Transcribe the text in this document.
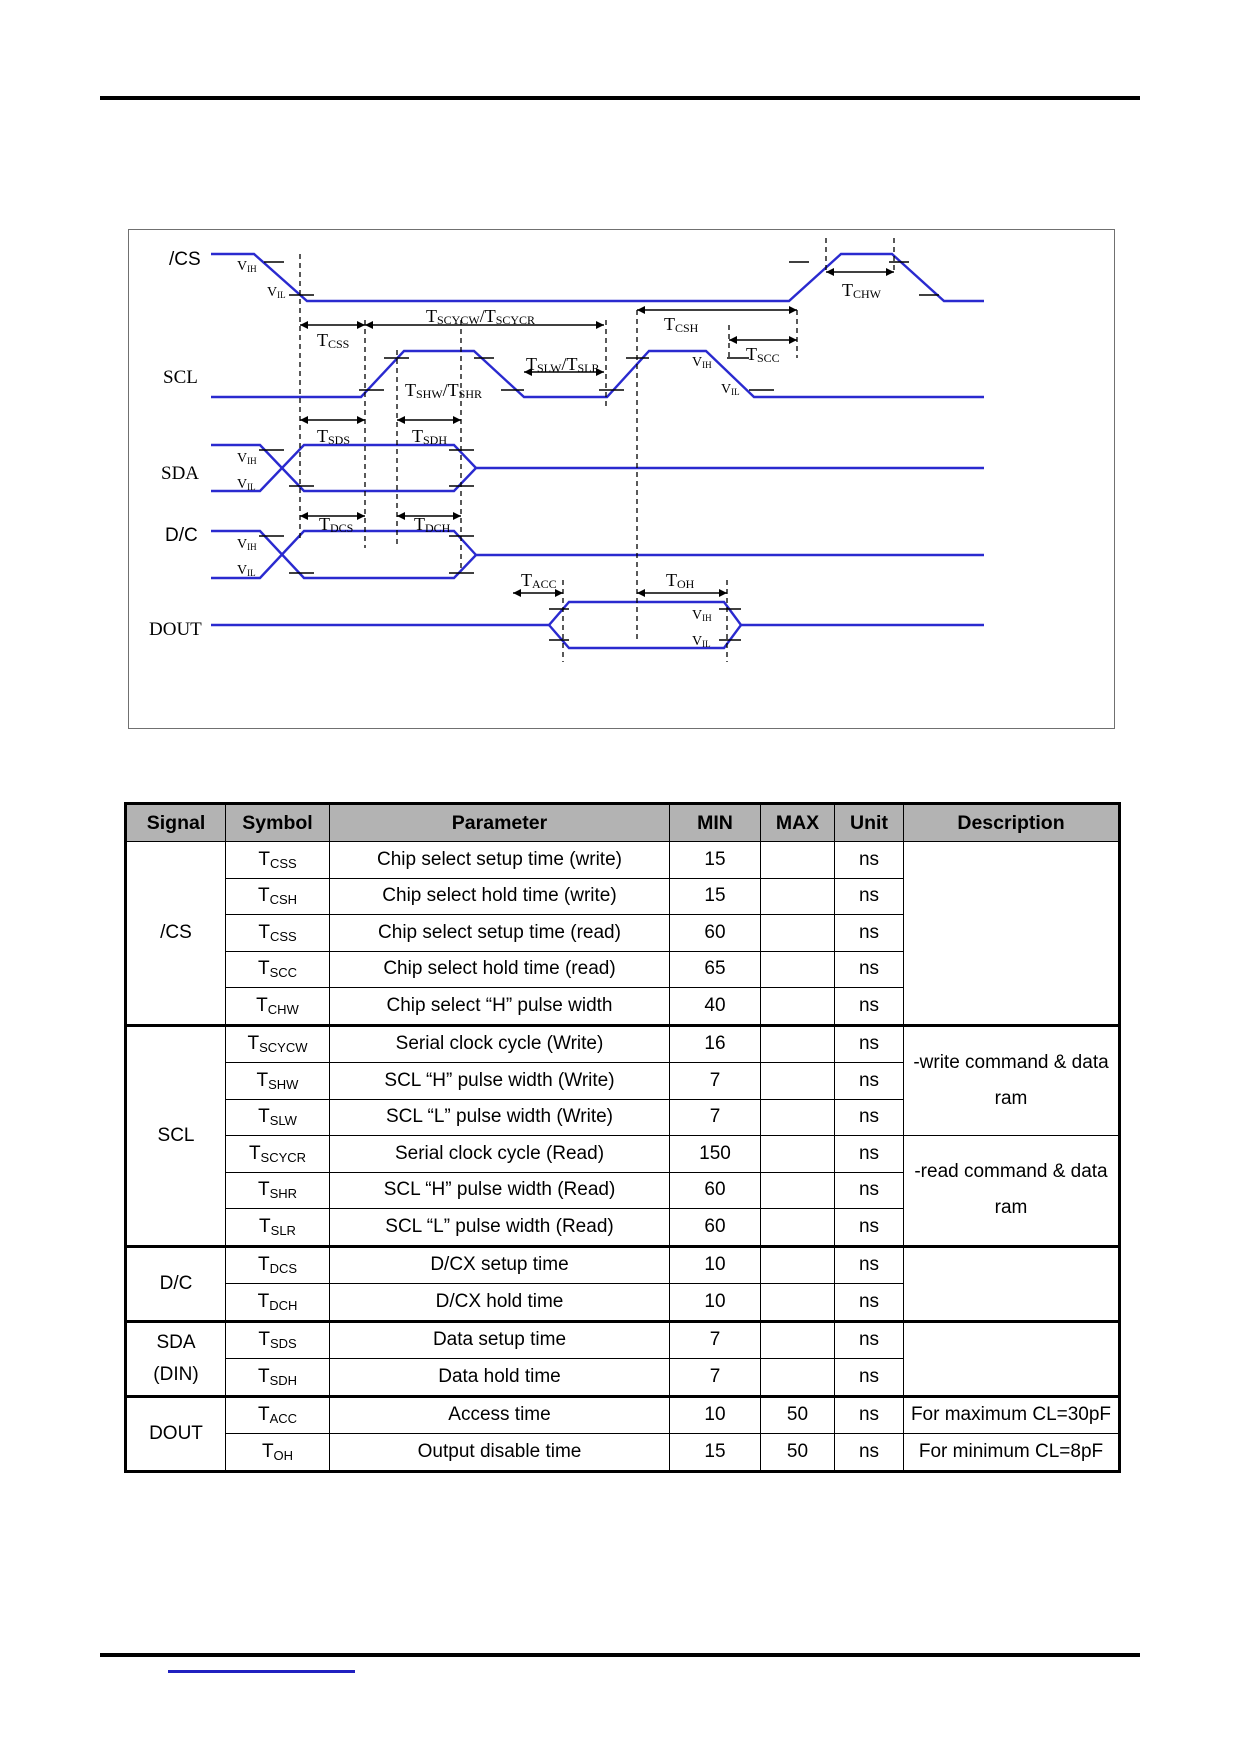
/CS
SCL
SDA
D/C
DOUT
VIH
VIL
VIH
VIL
VIH
VIL
VIH
VIL
VIH
VIL
TCSS
TSCYCW/TSCYCR	TCSH
TCHW
TSCC
TSHW/TSHR
TSLW/TSLR
TSDS	TSDH
TDCS	TDCH
TACC	TOH
Signal	Symbol	Parameter	MIN	MAX	Unit	Description

/CS	$T_{CSS}$	Chip select setup time (write)	15		ns	
	$T_{CSH}$	Chip select hold time (write)	15		ns	
	$T_{CSS}$	Chip select setup time (read)	60		ns	
	$T_{SCC}$	Chip select hold time (read)	65		ns	
	$T_{CHW}$	Chip select “H” pulse width	40		ns	

SCL	$T_{SCYCW}$	Serial clock cycle (Write)	16		ns	-write command & data
ram

	$T_{SHW}$	SCL “H” pulse width (Write)	7		ns	
	$T_{SLW}$	SCL “L” pulse width (Write)	7		ns	
	$T_{SCYCR}$	Serial clock cycle (Read)	150		ns	-read command & data
ram

	$T_{SHR}$	SCL “H” pulse width (Read)	60		ns	
	$T_{SLR}$	SCL “L” pulse width (Read)	60		ns	

D/C	$T_{DCS}$	D/CX setup time	10		ns	
	$T_{DCH}$	D/CX hold time	10		ns	

SDA
(DIN)	$T_{SDS}$	Data setup time	7		ns	
	$T_{SDH}$	Data hold time	7		ns	

DOUT	$T_{ACC}$	Access time	10	50	ns	For maximum CL=30pF
	$T_{OH}$	Output disable time	15	50	ns	For minimum CL=8pF
